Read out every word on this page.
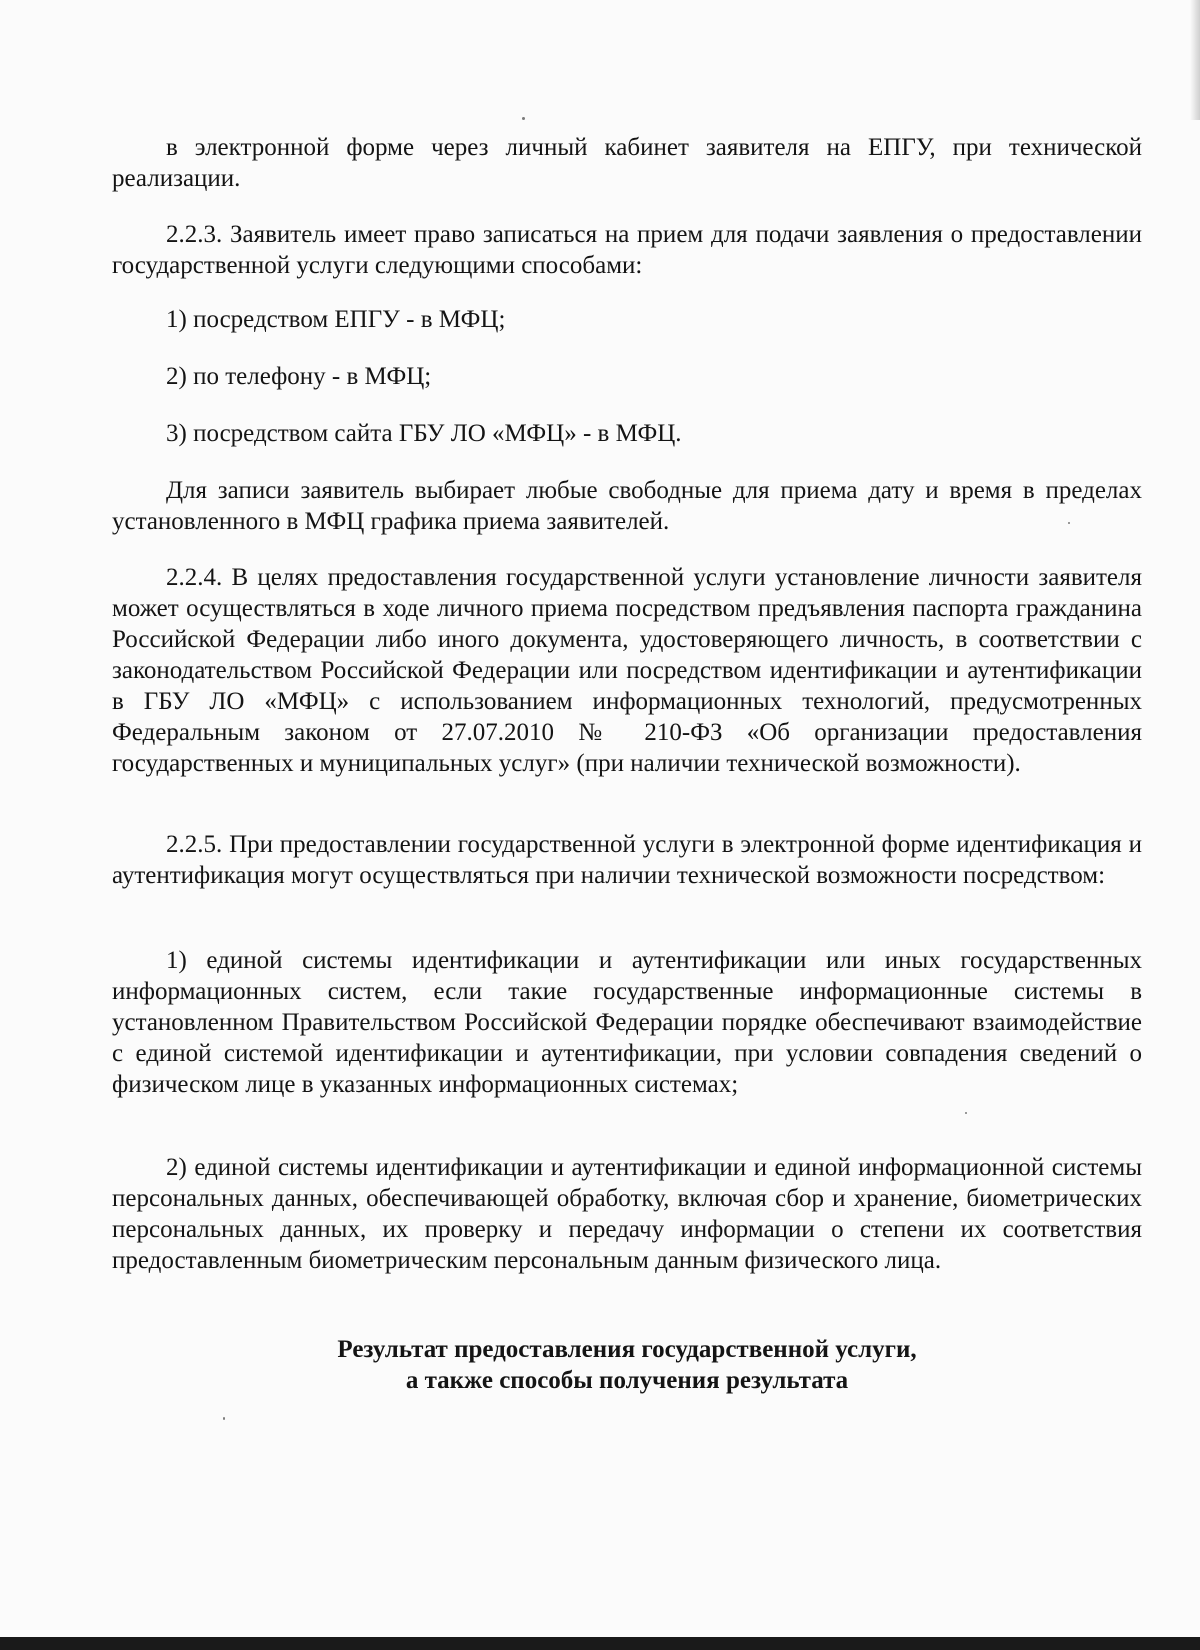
в электронной форме через личный кабинет заявителя на ЕПГУ, при технической реализации.

2.2.3. Заявитель имеет право записаться на прием для подачи заявления о предоставлении государственной услуги следующими способами:

1) посредством ЕПГУ - в МФЦ;

2) по телефону - в МФЦ;

3) посредством сайта ГБУ ЛО «МФЦ» - в МФЦ.

Для записи заявитель выбирает любые свободные для приема дату и время в пределах установленного в МФЦ графика приема заявителей.

2.2.4. В целях предоставления государственной услуги установление личности заявителя может осуществляться в ходе личного приема посредством предъявления паспорта гражданина Российской Федерации либо иного документа, удостоверяющего личность, в соответствии с законодательством Российской Федерации или посредством идентификации и аутентификации в ГБУ ЛО «МФЦ» с использованием информационных технологий, предусмотренных Федеральным законом от 27.07.2010 № 210-ФЗ «Об организации предоставления государственных и муниципальных услуг» (при наличии технической возможности).

2.2.5. При предоставлении государственной услуги в электронной форме идентификация и аутентификация могут осуществляться при наличии технической возможности посредством:

1) единой системы идентификации и аутентификации или иных государственных информационных систем, если такие государственные информационные системы в установленном Правительством Российской Федерации порядке обеспечивают взаимодействие с единой системой идентификации и аутентификации, при условии совпадения сведений о физическом лице в указанных информационных системах;

2) единой системы идентификации и аутентификации и единой информационной системы персональных данных, обеспечивающей обработку, включая сбор и хранение, биометрических персональных данных, их проверку и передачу информации о степени их соответствия предоставленным биометрическим персональным данным физического лица.

Результат предоставления государственной услуги,
а также способы получения результата
